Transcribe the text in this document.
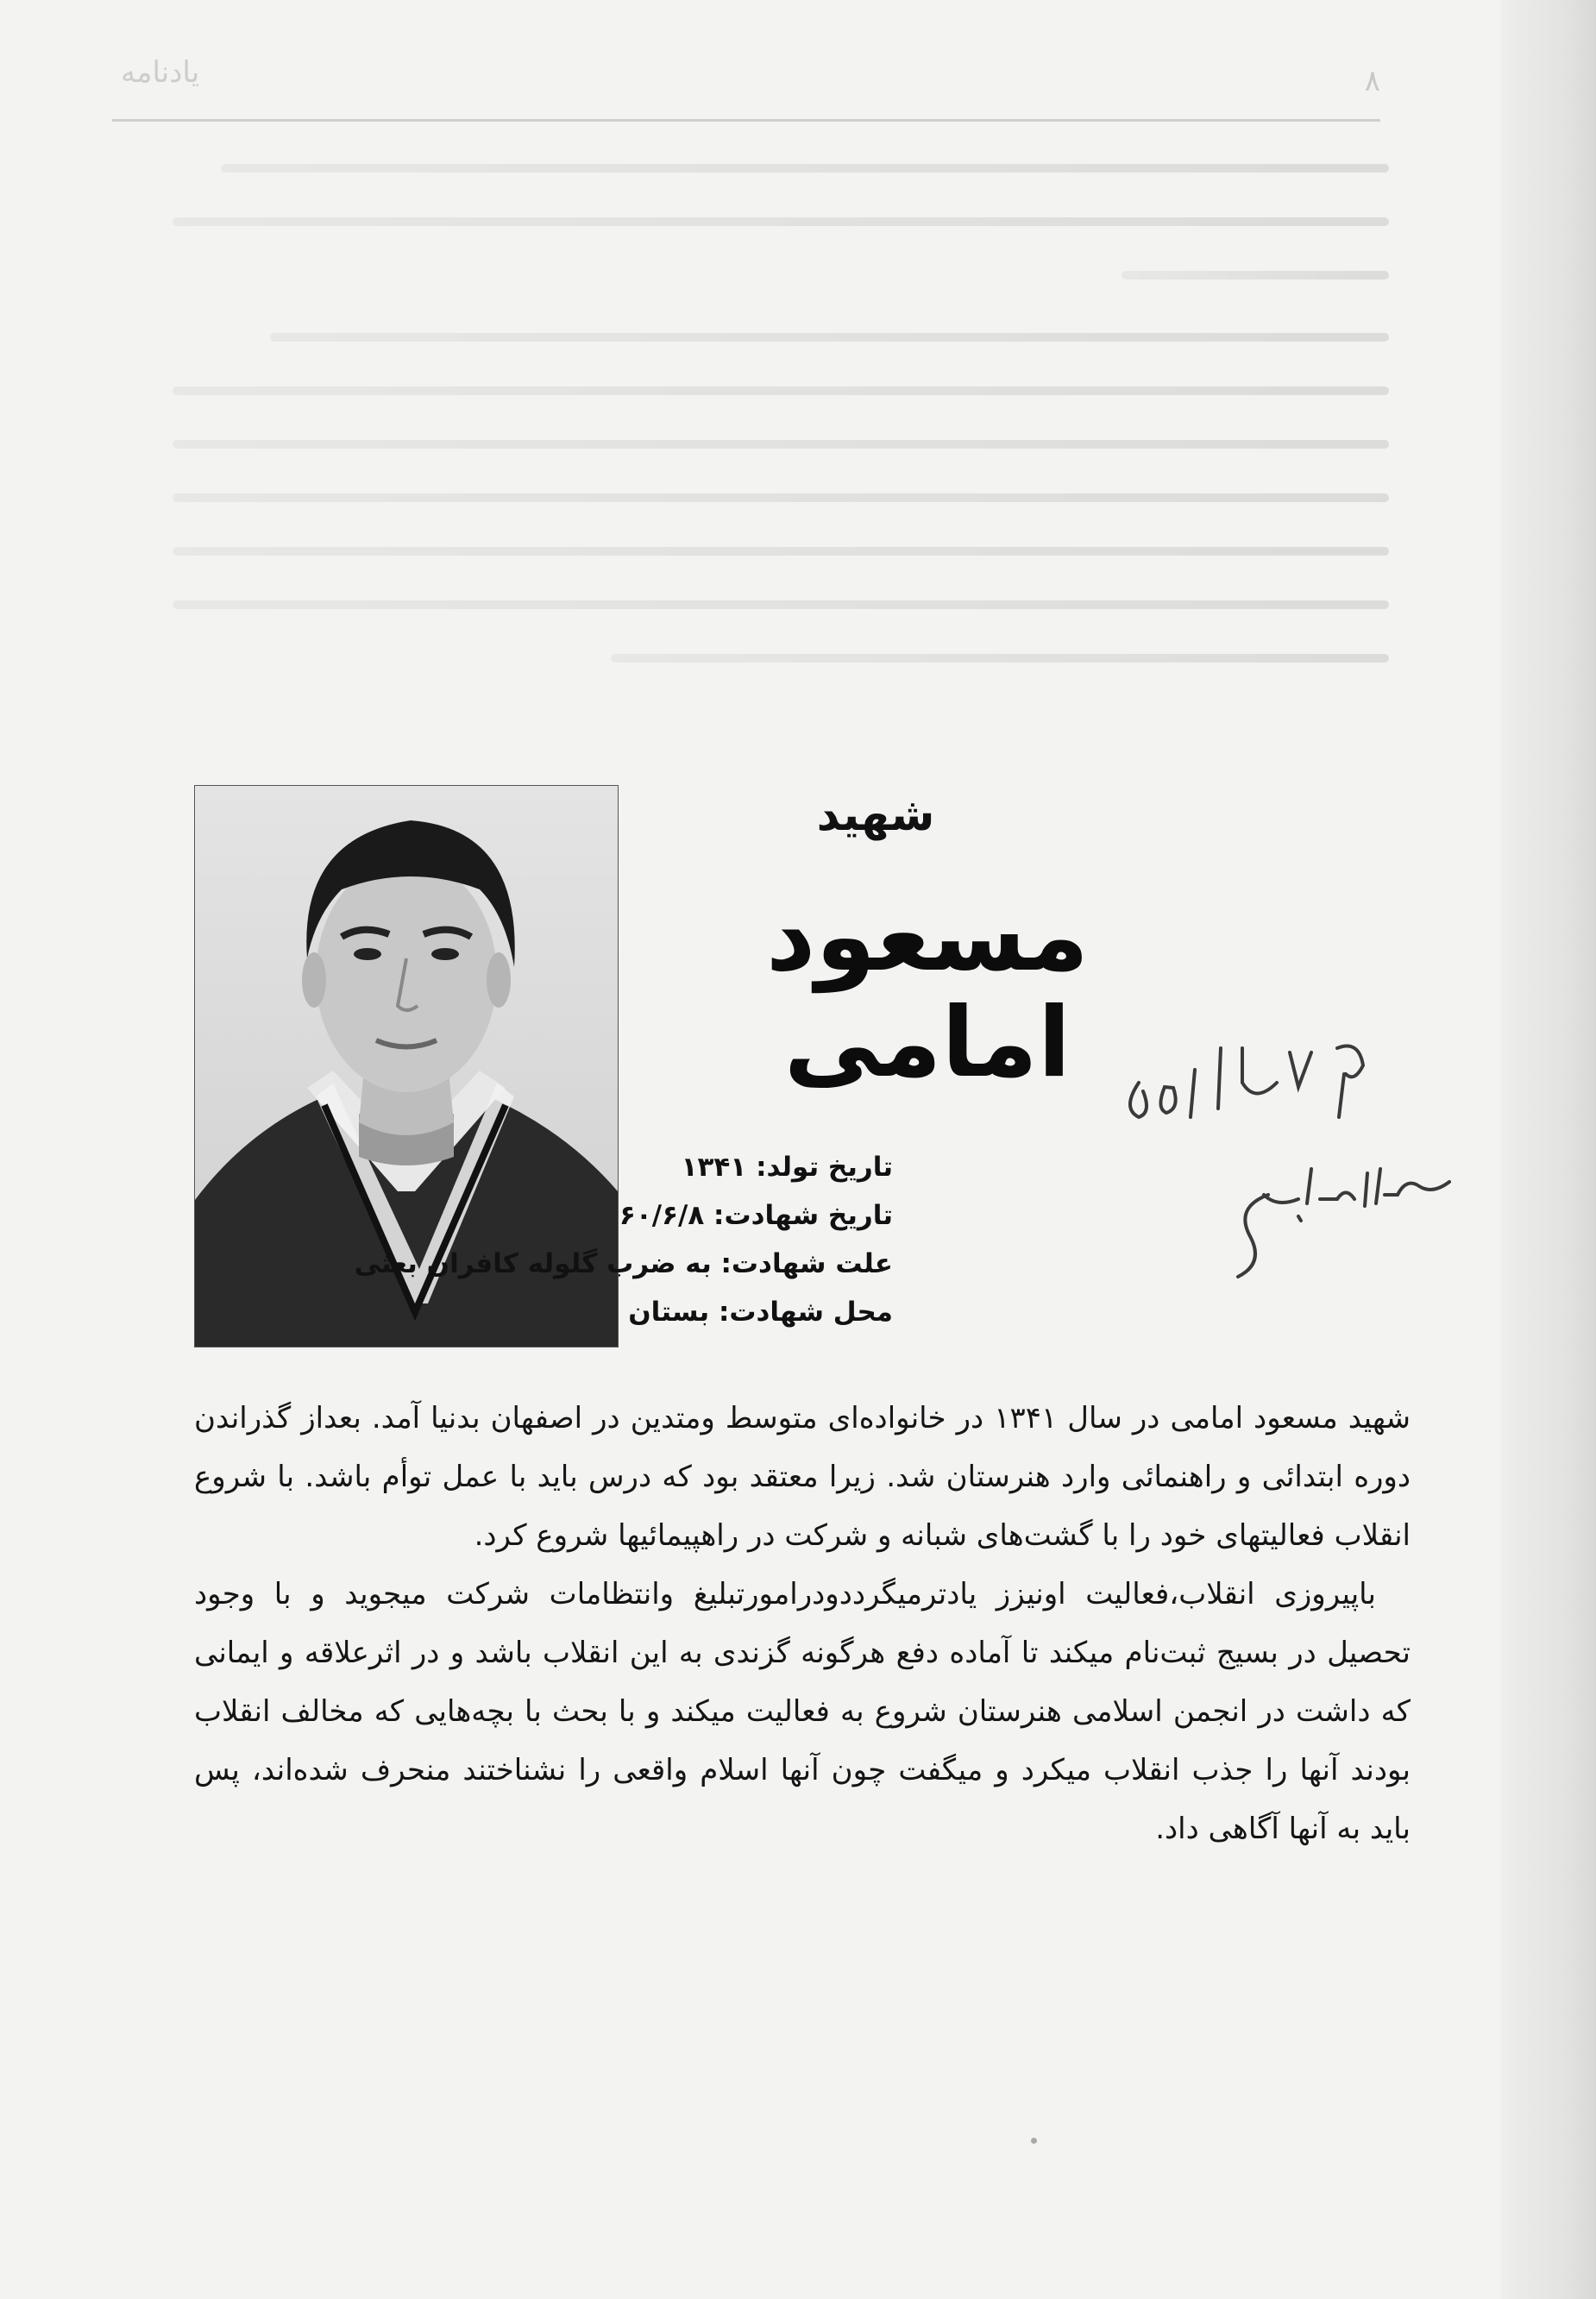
۸
یادنامه
شهید
مسعود امامی
تاریخ تولد: ۱۳۴۱
تاریخ شهادت: ۶۰/۶/۸
علت شهادت: به ضرب گلوله کافران بعثی
محل شهادت: بستان

شهید مسعود امامی در سال ۱۳۴۱ در خانواده‌ای متوسط ومتدین در اصفهان بدنیا آمد. بعداز گذراندن دوره ابتدائی و راهنمائی وارد هنرستان شد. زیرا معتقد بود که درس باید با عمل توأم باشد. با شروع انقلاب فعالیتهای خود را با گشت‌های شبانه و شرکت در راهپیمائیها شروع کرد.

باپیروزی انقلاب،فعالیت اونیزز یادترمیگرددودرامورتبلیغ وانتظامات شرکت میجوید و با وجود تحصیل در بسیج ثبت‌نام میکند تا آماده دفع هرگونه گزندی به این انقلاب باشد و در اثرعلاقه و ایمانی که داشت در انجمن اسلامی هنرستان شروع به فعالیت میکند و با بحث با بچه‌هایی که مخالف انقلاب بودند آنها را جذب انقلاب میکرد و میگفت چون آنها اسلام واقعی را نشناختند منحرف شده‌اند، پس باید به آنها آگاهی داد.
